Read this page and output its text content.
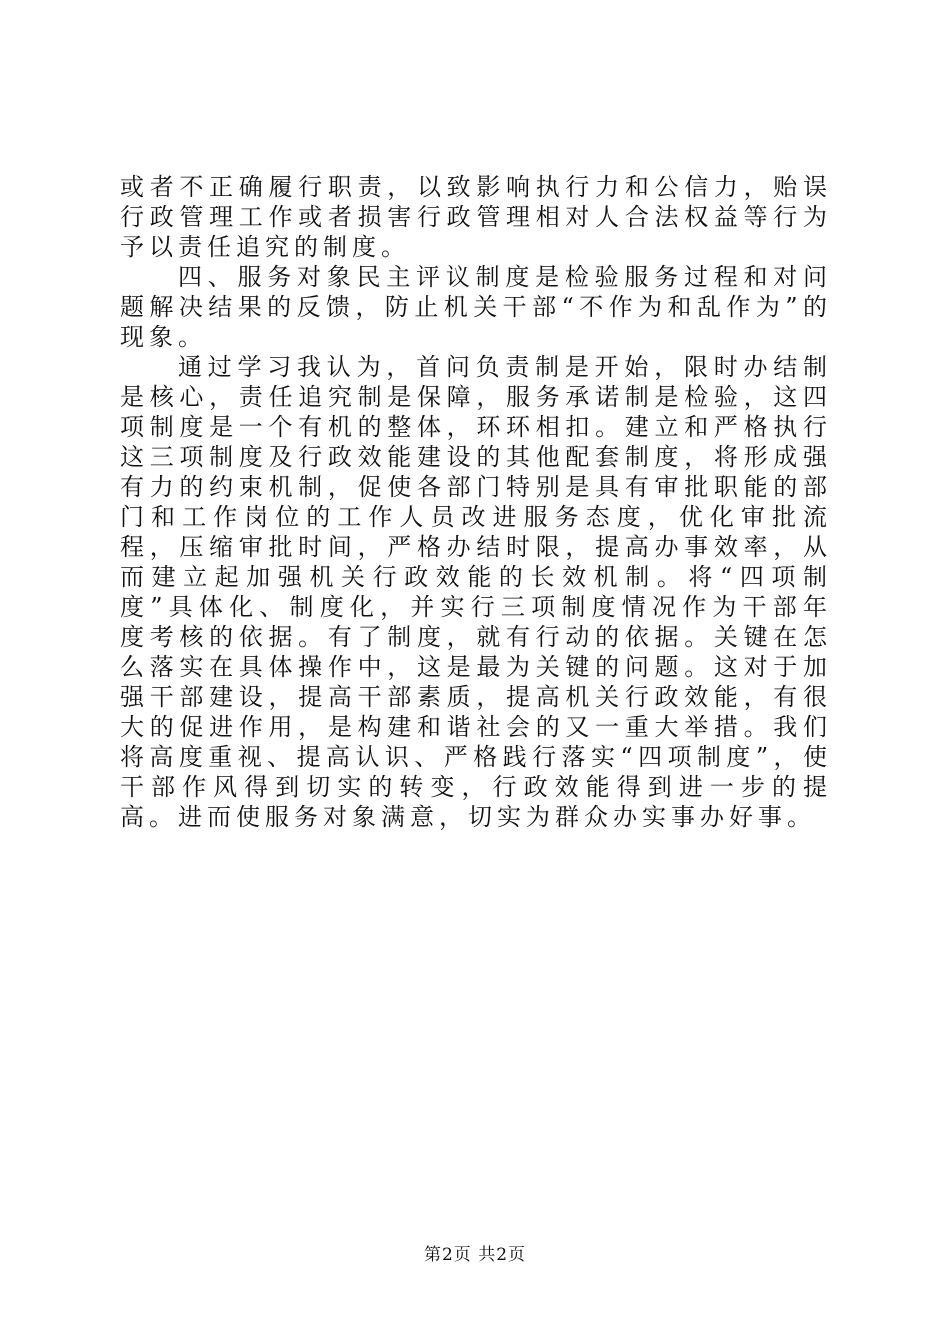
或者不正确履行职责，以致影响执行力和公信力，贻误行政管理工作或者损害行政管理相对人合法权益等行为予以责任追究的制度。

四、服务对象民主评议制度是检验服务过程和对问题解决结果的反馈，防止机关干部“不作为和乱作为”的现象。

通过学习我认为，首问负责制是开始，限时办结制是核心，责任追究制是保障，服务承诺制是检验，这四项制度是一个有机的整体，环环相扣。建立和严格执行这三项制度及行政效能建设的其他配套制度，将形成强有力的约束机制，促使各部门特别是具有审批职能的部门和工作岗位的工作人员改进服务态度，优化审批流程，压缩审批时间，严格办结时限，提高办事效率，从而建立起加强机关行政效能的长效机制。将“四项制度”具体化、制度化，并实行三项制度情况作为干部年度考核的依据。有了制度，就有行动的依据。关键在怎么落实在具体操作中，这是最为关键的问题。这对于加强干部建设，提高干部素质，提高机关行政效能，有很大的促进作用，是构建和谐社会的又一重大举措。我们将高度重视、提高认识、严格践行落实“四项制度”，使干部作风得到切实的转变，行政效能得到进一步的提高。进而使服务对象满意，切实为群众办实事办好事。

第2页 共2页
